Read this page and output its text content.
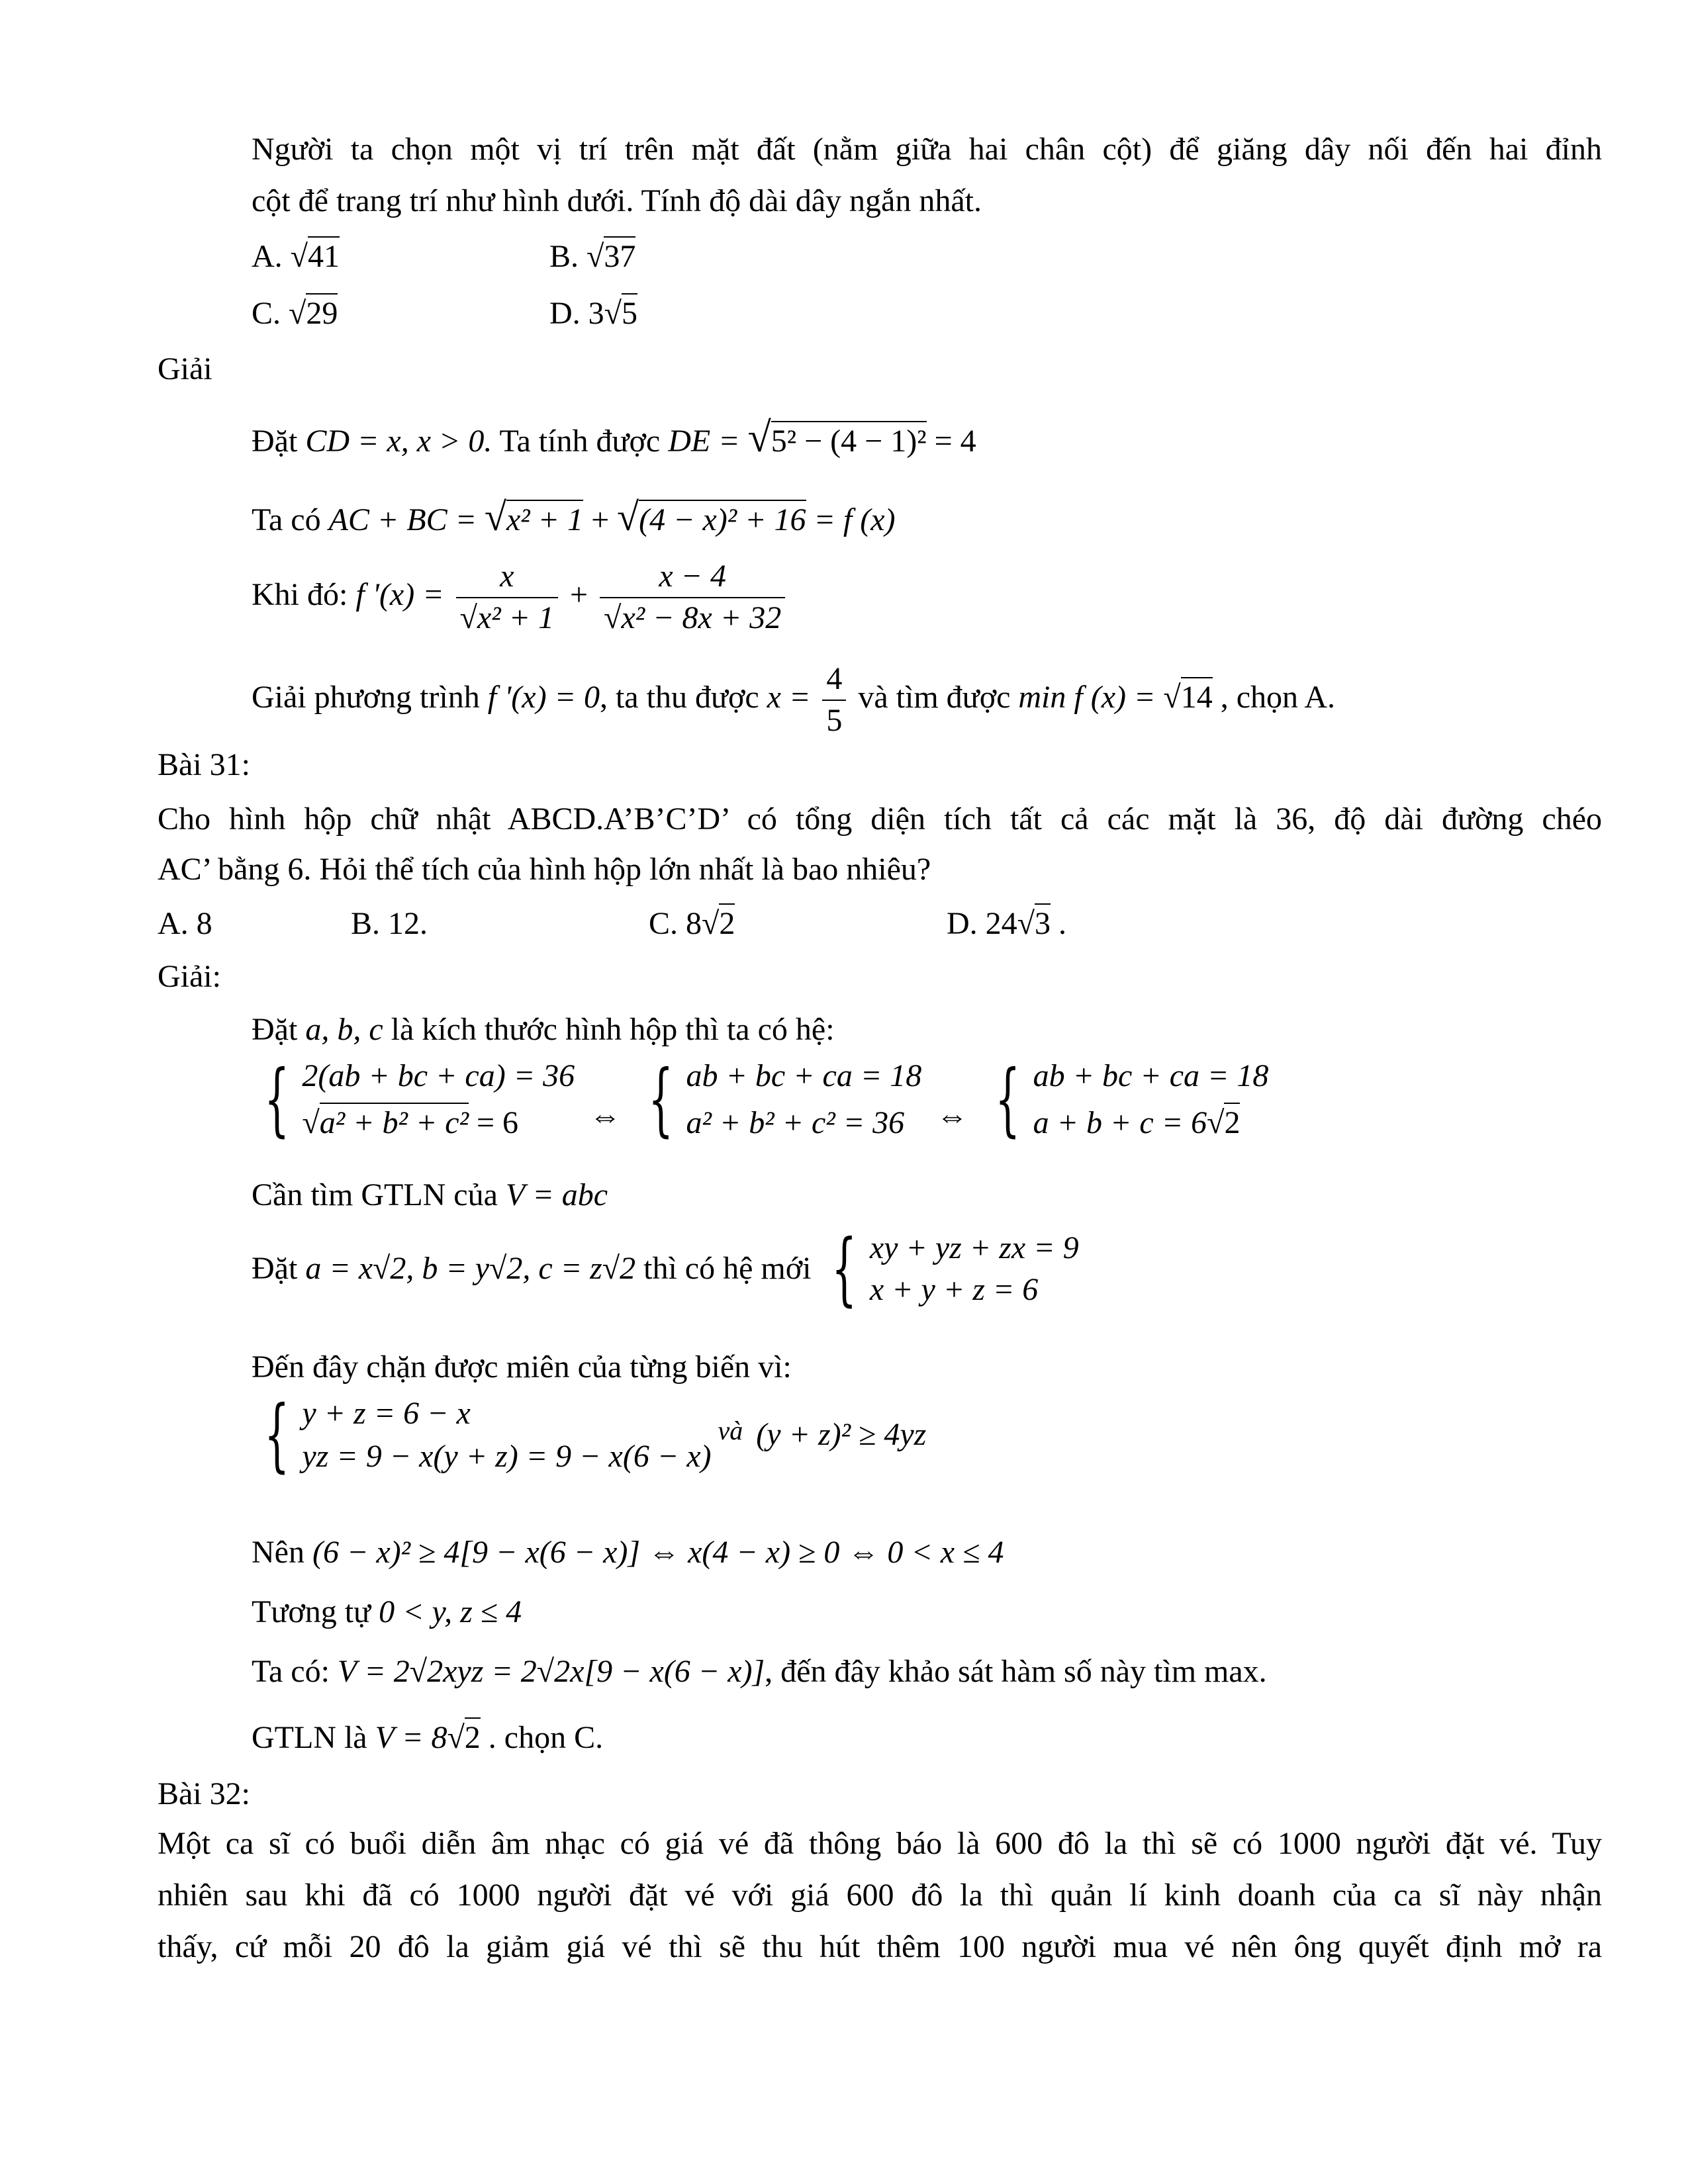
Người ta chọn một vị trí trên mặt đất (nằm giữa hai chân cột) để giăng dây nối đến hai đỉnh
cột để trang trí như hình dưới. Tính độ dài dây ngắn nhất.
A. √41	B. √37
C. √29	D. 3√5
Giải
Đặt CD = x, x > 0. Ta tính được DE = √5² − (4 − 1)² = 4
Ta có AC + BC = √x² + 1 + √(4 − x)² + 16 = f (x)
Khi đó: f '$(x) = \frac{x}{\text{√x² + 1}} + \frac{x - 4}{\text{√x² − 8x + 32}}$
Giải phương trình f '(x) = 0, ta thu được $x = \frac{4}{5}$ và tìm được min f (x) = √14 , chọn A.
Bài 31:
Cho hình hộp chữ nhật ABCD.A’B’C’D’ có tổng diện tích tất cả các mặt là 36, độ dài đường chéo
AC’ bằng 6. Hỏi thể tích của hình hộp lớn nhất là bao nhiêu?
A. 8	B. 12.	C. 8√2	D. 24√3 .
Giải:
Đặt a, b, c là kích thước hình hộp thì ta có hệ:
{ 2(ab + bc + ca) = 36
√a² + b² + c² = 6
	⇔
{ ab + bc + ca = 18
a² + b² + c² = 36
	⇔
{ ab + bc + ca = 18
a + b + c = 6√2
Cần tìm GTLN của V = abc
Đặt
a = x√2, b = y√2, c = z√2
thì có hệ mới
{ xy + yz + zx = 9
x + y + z = 6
Đến đây chặn được miên của từng biến vì:
{ y + z = 6 − x
yz = 9 − x(y + z) = 9 − x(6 − x)
và (y + z)² ≥ 4yz
Nên (6 − x)² ≥ 4[9 − x(6 − x)] ⇔ x(4 − x) ≥ 0 ⇔ 0 < x ≤ 4
Tương tự 0 < y, z ≤ 4
Ta có: V = 2√2xyz = 2√2x[9 − x(6 − x)], đến đây khảo sát hàm số này tìm max.
GTLN là V = 8√2 . chọn C.
Bài 32:
Một ca sĩ có buổi diễn âm nhạc có giá vé đã thông báo là 600 đô la thì sẽ có 1000 người đặt vé. Tuy
nhiên sau khi đã có 1000 người đặt vé với giá 600 đô la thì quản lí kinh doanh của ca sĩ này nhận
thấy, cứ mỗi 20 đô la giảm giá vé thì sẽ thu hút thêm 100 người mua vé nên ông quyết định mở ra
